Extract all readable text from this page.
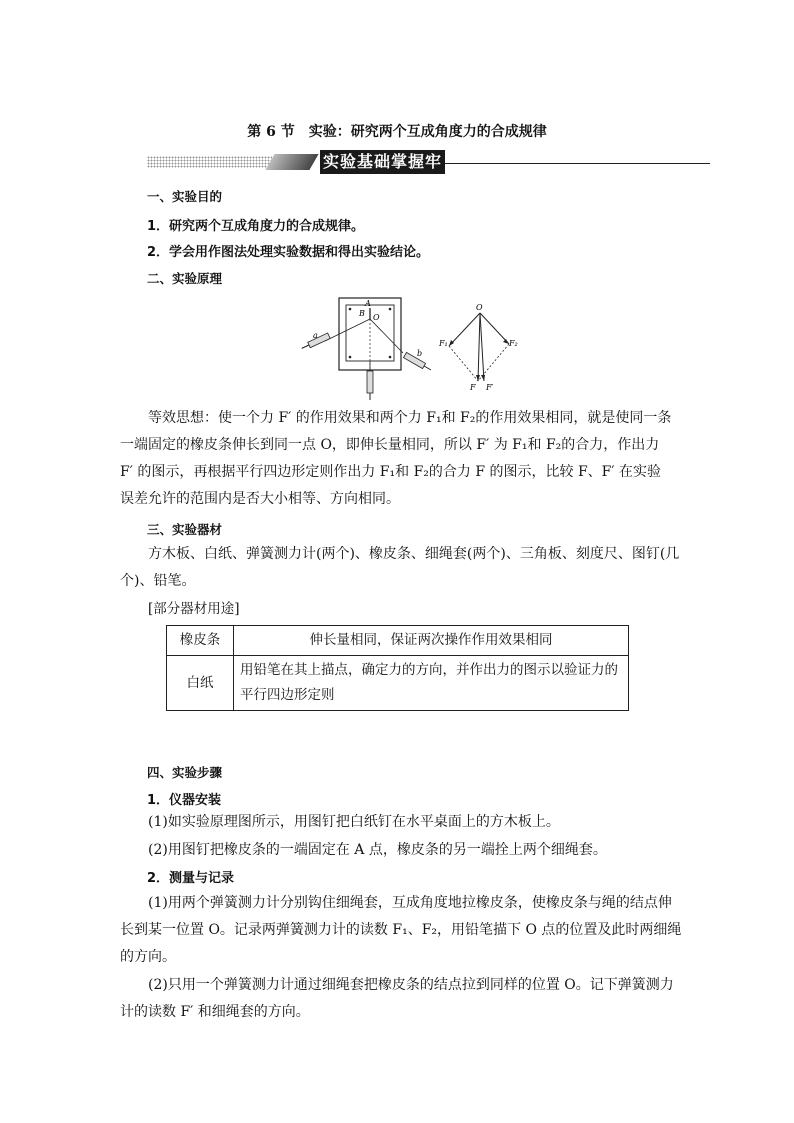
第 6 节　实验：研究两个互成角度力的合成规律
实验基础掌握牢
一、实验目的
1．研究两个互成角度力的合成规律。
2．学会用作图法处理实验数据和得出实验结论。
二、实验原理
A
B O
a
b
O
F₁	F₂
F F′
等效思想：使一个力 F′ 的作用效果和两个力 F₁和 F₂的作用效果相同，就是使同一条
一端固定的橡皮条伸长到同一点 O，即伸长量相同，所以 F′ 为 F₁和 F₂的合力，作出力
F′ 的图示，再根据平行四边形定则作出力 F₁和 F₂的合力 F 的图示，比较 F、F′ 在实验
误差允许的范围内是否大小相等、方向相同。
三、实验器材
方木板、白纸、弹簧测力计(两个)、橡皮条、细绳套(两个)、三角板、刻度尺、图钉(几
个)、铅笔。
[部分器材用途]
橡皮条	伸长量相同，保证两次操作作用效果相同
白纸	用铅笔在其上描点，确定力的方向，并作出力的图示以验证力的平行四边形定则
四、实验步骤
1．仪器安装
(1)如实验原理图所示，用图钉把白纸钉在水平桌面上的方木板上。
(2)用图钉把橡皮条的一端固定在 A 点，橡皮条的另一端拴上两个细绳套。
2．测量与记录
(1)用两个弹簧测力计分别钩住细绳套，互成角度地拉橡皮条，使橡皮条与绳的结点伸
长到某一位置 O。记录两弹簧测力计的读数 F₁、F₂，用铅笔描下 O 点的位置及此时两细绳
的方向。
(2)只用一个弹簧测力计通过细绳套把橡皮条的结点拉到同样的位置 O。记下弹簧测力
计的读数 F′ 和细绳套的方向。
